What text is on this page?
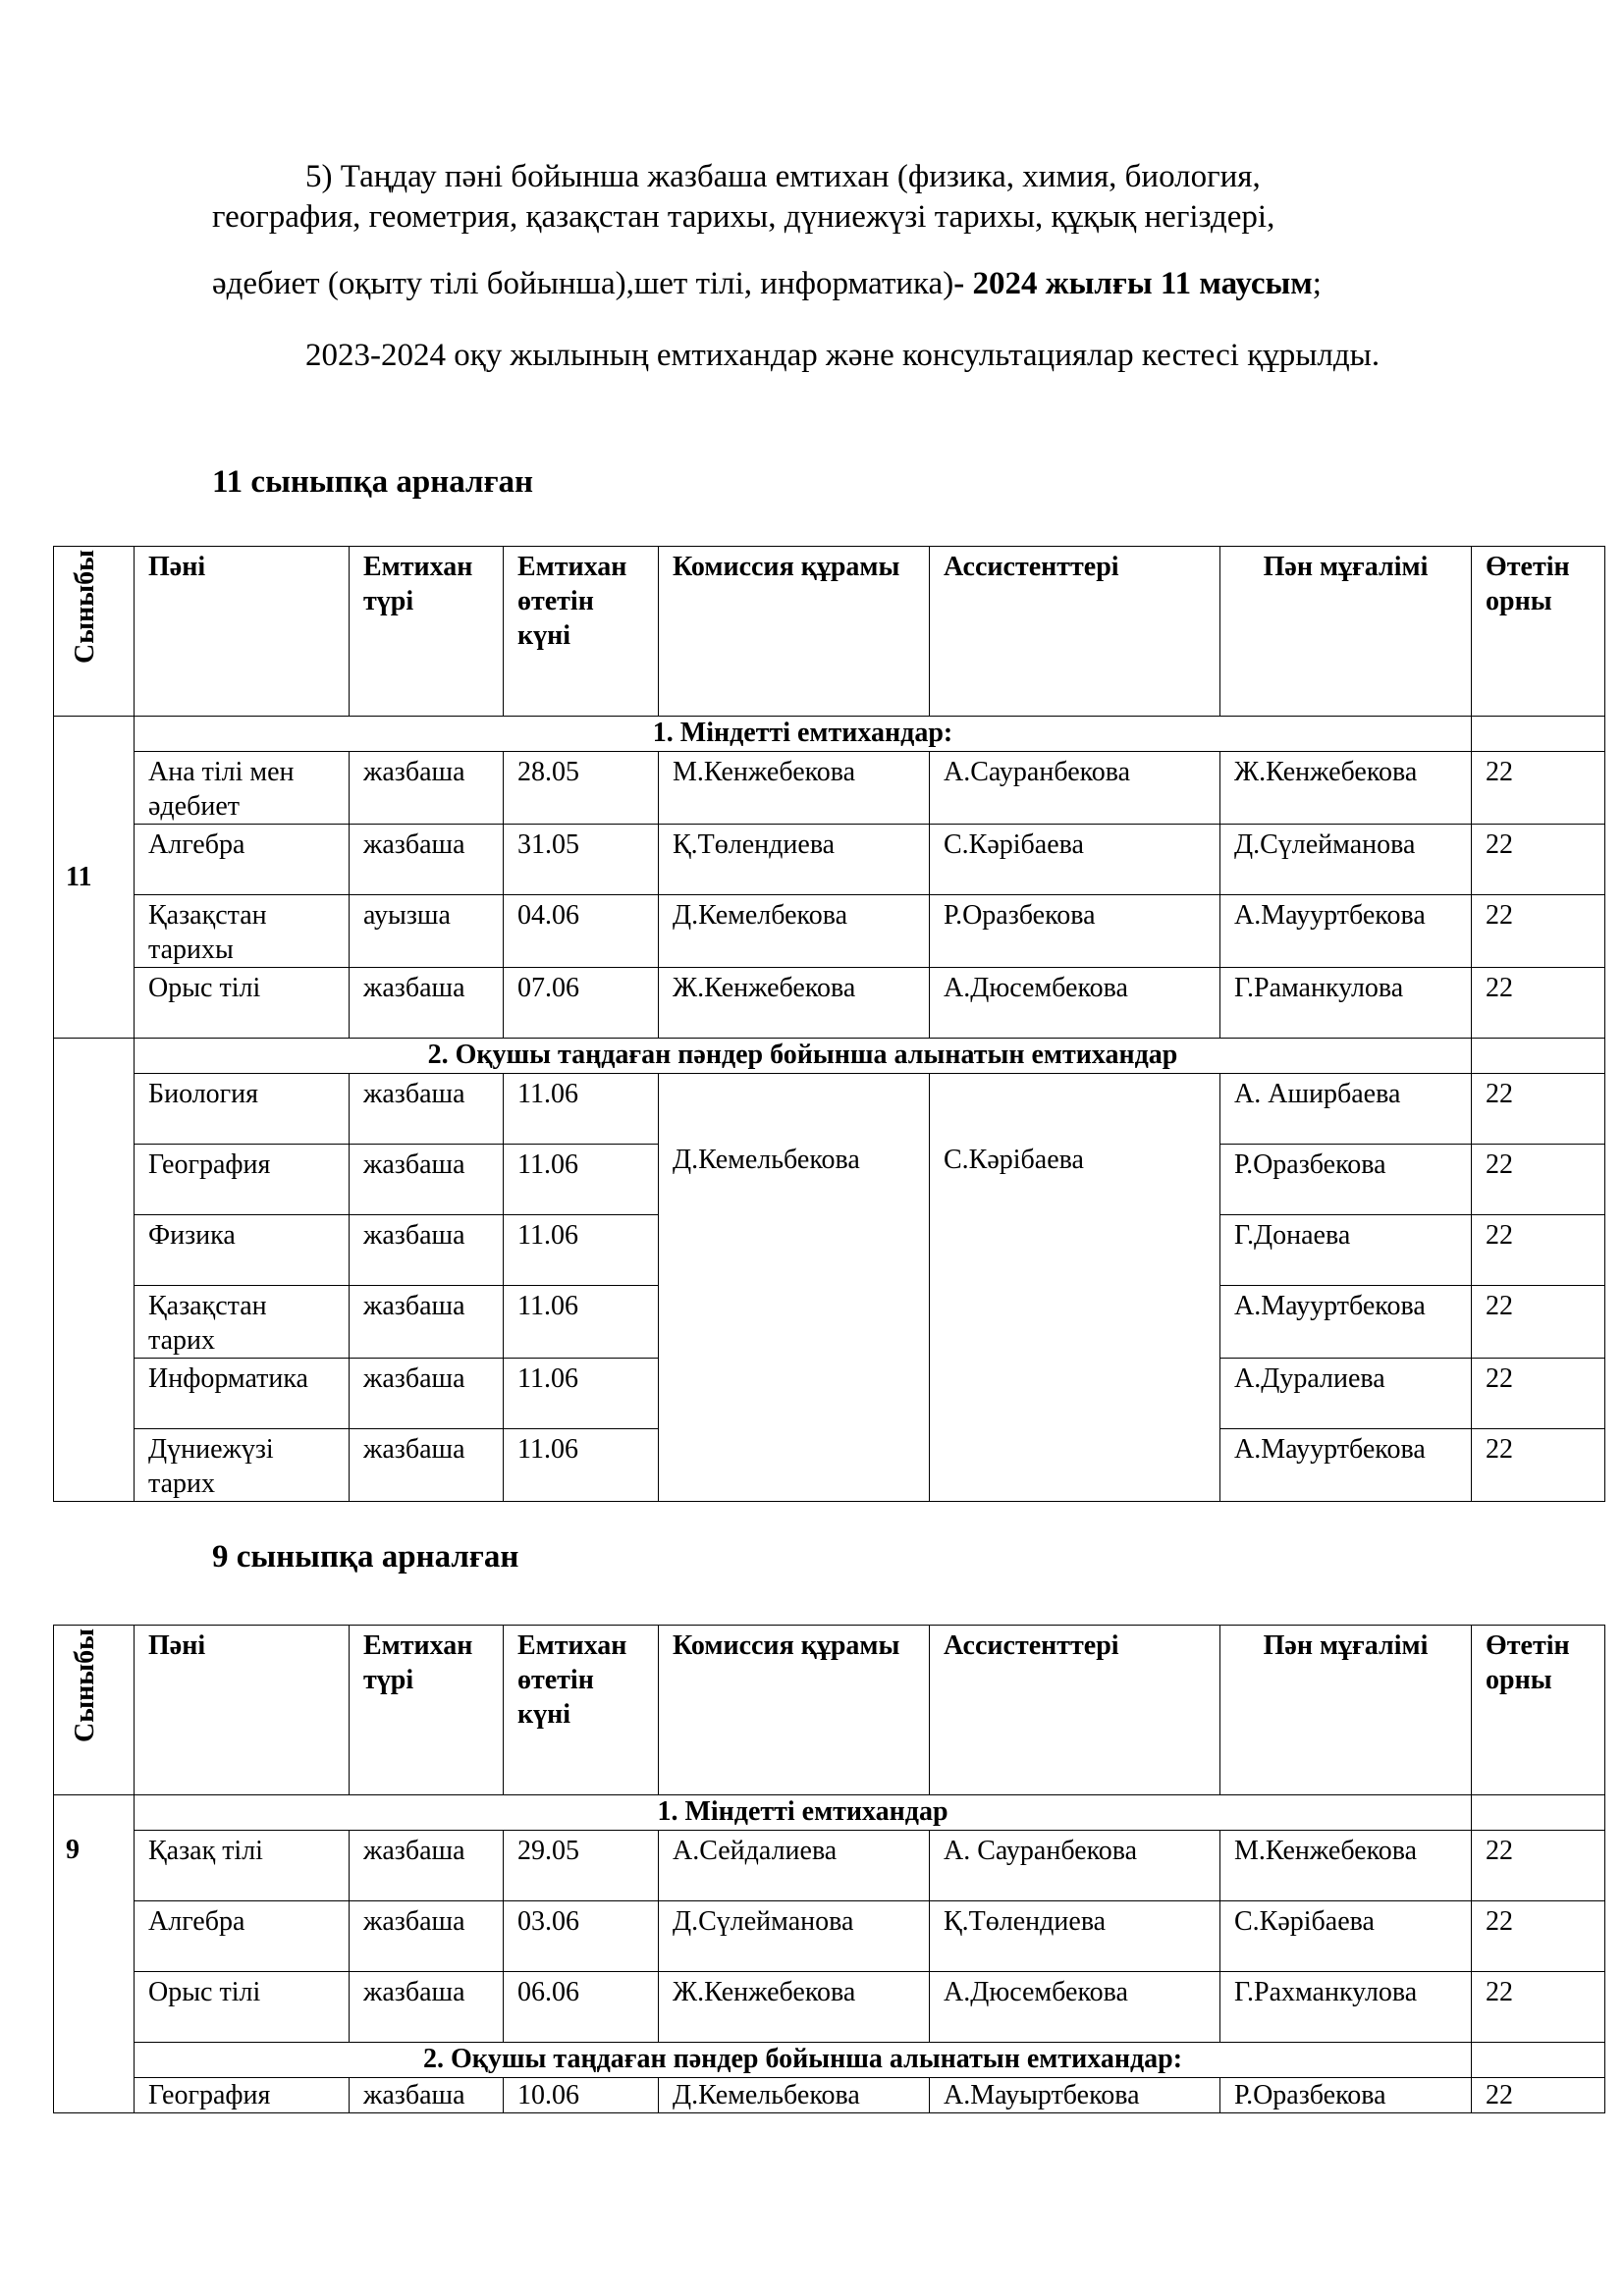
5) Таңдау пәні бойынша жазбаша емтихан (физика, химия, биология,

география, геометрия, қазақстан тарихы, дүниежүзі тарихы, құқық негіздері,

әдебиет (оқыту тілі бойынша),шет тілі, информатика)- 2024 жылғы 11 маусым;

2023-2024 оқу жылының емтихандар және консультациялар кестесі құрылды.

11 сыныпқа арналған
Сыныбы	Пәні	Емтихан түрі	Емтихан өтетін күні	Комиссия құрамы	Ассистенттері	Пән мұғалімі	Өтетін орны
11	1. Міндетті емтихандар:						
	Ана тілі мен әдебиет	жазбаша	28.05	М.Кенжебекова	А.Сауранбекова	Ж.Кенжебекова	22
	Алгебра	жазбаша	31.05	Қ.Төлендиева	С.Кәрібаева	Д.Сүлейманова	22
	Қазақстан тарихы	ауызша	04.06	Д.Кемелбекова	Р.Оразбекова	А.Маууртбекова	22
	Орыс тілі	жазбаша	07.06	Ж.Кенжебекова	А.Дюсембекова	Г.Раманкулова	22
	2. Оқушы таңдаған пәндер бойынша алынатын емтихандар						
	Биология	жазбаша	11.06	Д.Кемельбекова	С.Кәрібаева	А. Аширбаева	22
	География	жазбаша	11.06			Р.Оразбекова	22
	Физика	жазбаша	11.06			Г.Донаева	22
	Қазақстан тарих	жазбаша	11.06			А.Маууртбекова	22
	Информатика	жазбаша	11.06			А.Дуралиева	22
	Дүниежүзі тарих	жазбаша	11.06			А.Маууртбекова	22
9 сыныпқа арналған
Сыныбы	Пәні	Емтихан түрі	Емтихан өтетін күні	Комиссия құрамы	Ассистенттері	Пән мұғалімі	Өтетін орны
9	1. Міндетті емтихандар						
	Қазақ тілі	жазбаша	29.05	А.Сейдалиева	А. Сауранбекова	М.Кенжебекова	22
	Алгебра	жазбаша	03.06	Д.Сүлейманова	Қ.Төлендиева	С.Кәрібаева	22
	Орыс тілі	жазбаша	06.06	Ж.Кенжебекова	А.Дюсембекова	Г.Рахманкулова	22
	2. Оқушы таңдаған пәндер бойынша алынатын емтихандар:						
	География	жазбаша	10.06	Д.Кемельбекова	А.Мауыртбекова	Р.Оразбекова	22
